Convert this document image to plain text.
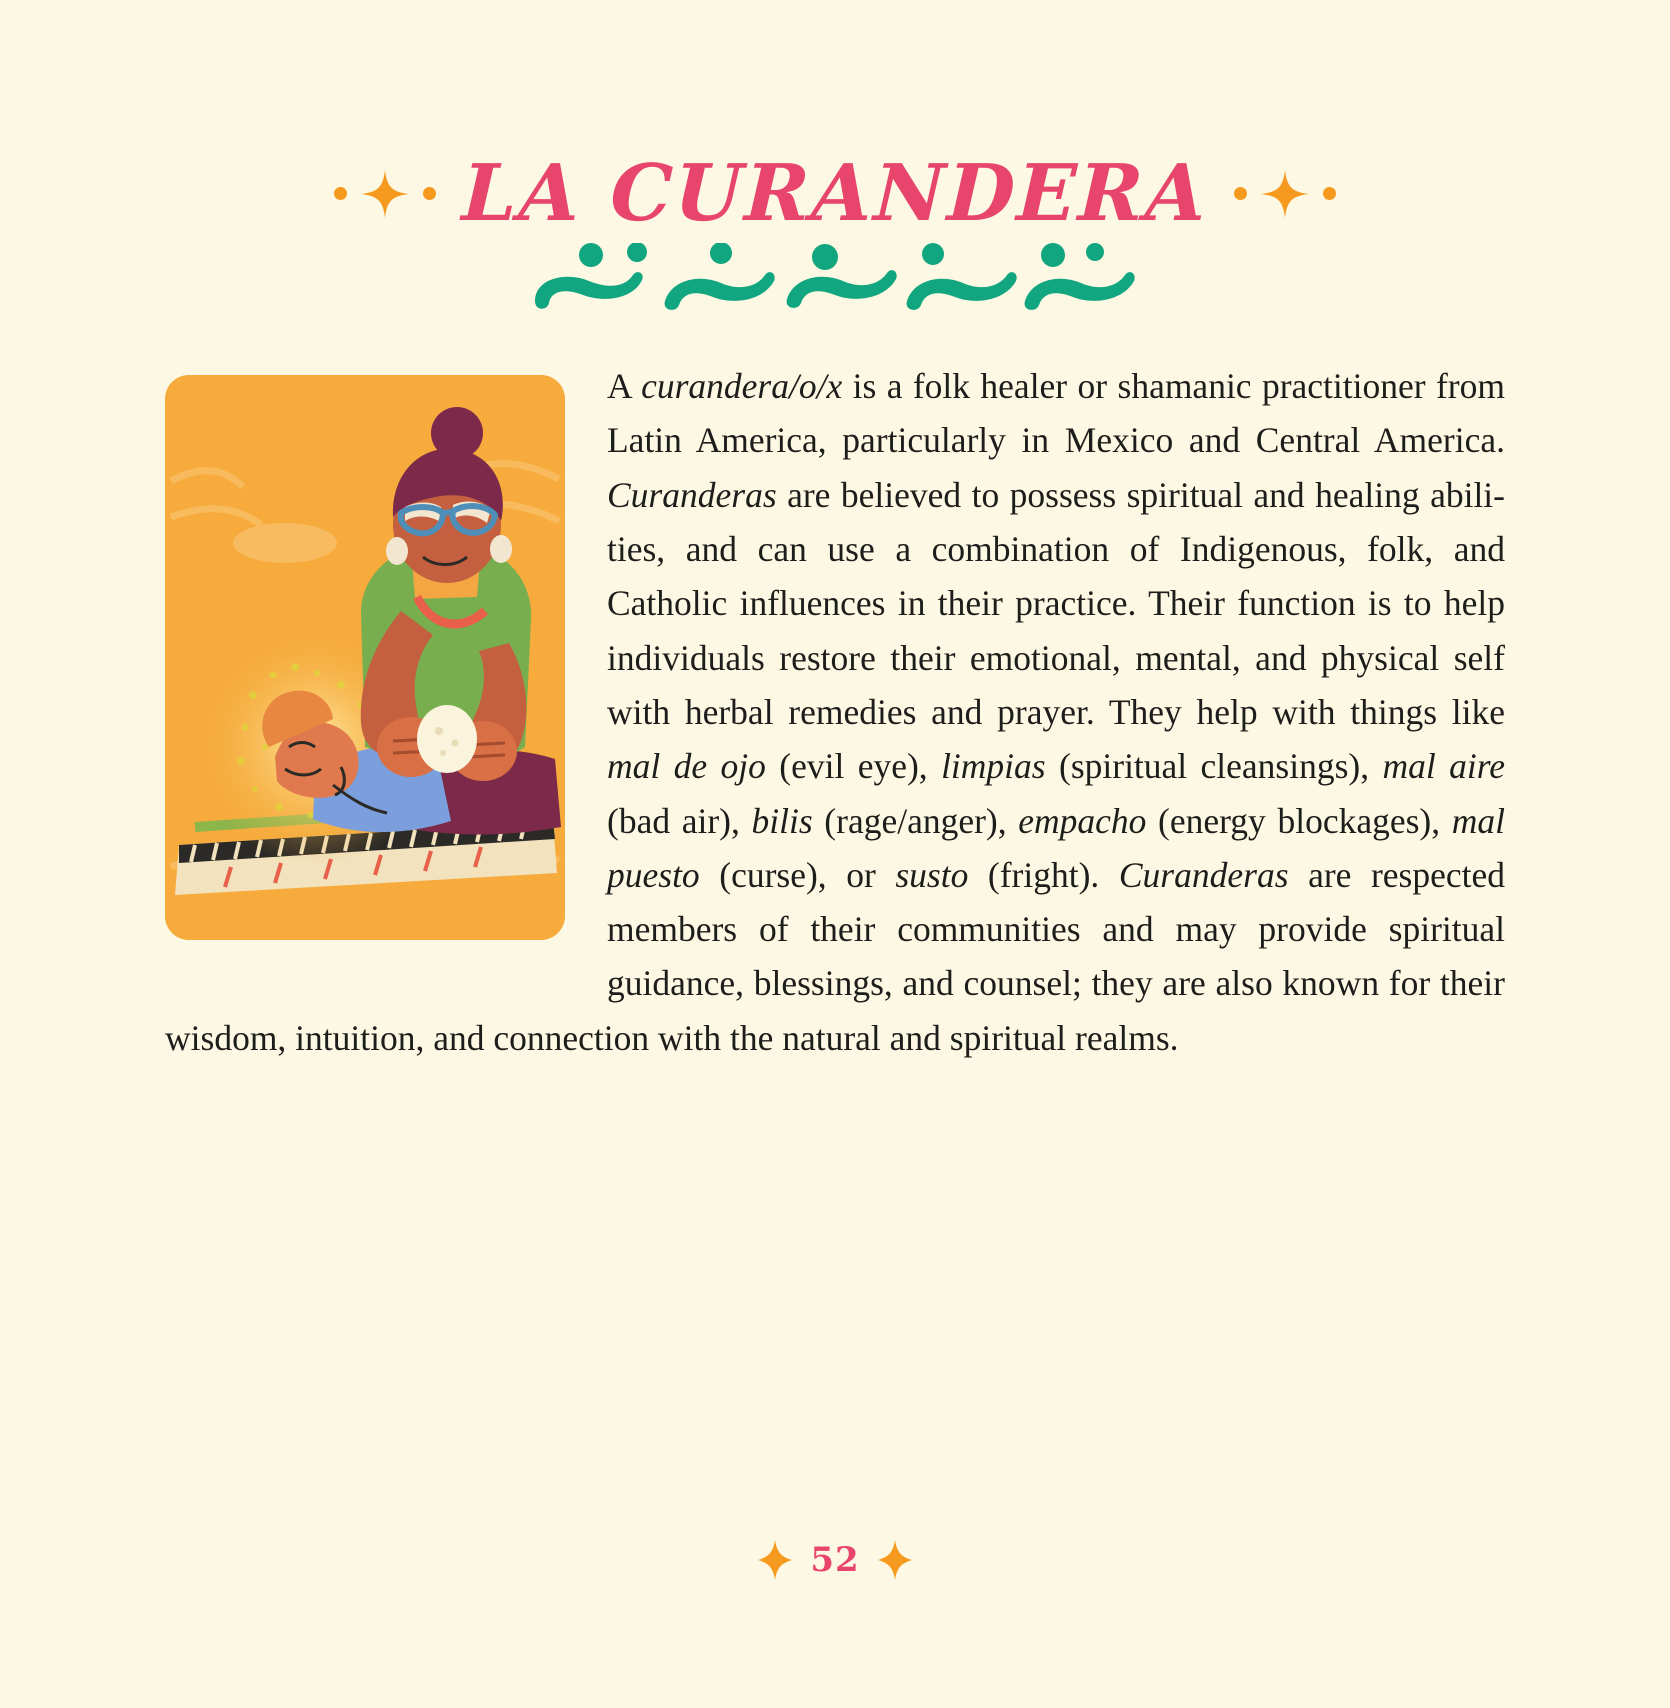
LA CURANDERA
A curandera/o/x is a folk healer or shamanic practitioner from Latin America, particularly in Mexico and Central America. Curanderas are believed to possess spiritual and healing abilities, and can use a combination of Indigenous, folk, and Catholic influences in their practice. Their function is to help individuals restore their emotional, mental, and physical self with herbal remedies and prayer. They help with things like mal de ojo (evil eye), limpias (spiritual cleansings), mal aire (bad air), bilis (rage/anger), empacho (energy blockages), mal puesto (curse), or susto (fright). Curanderas are respected members of their communities and may provide spiritual guidance, blessings, and counsel; they are also known for their wisdom, intuition, and connection with the natural and spiritual realms.
52
